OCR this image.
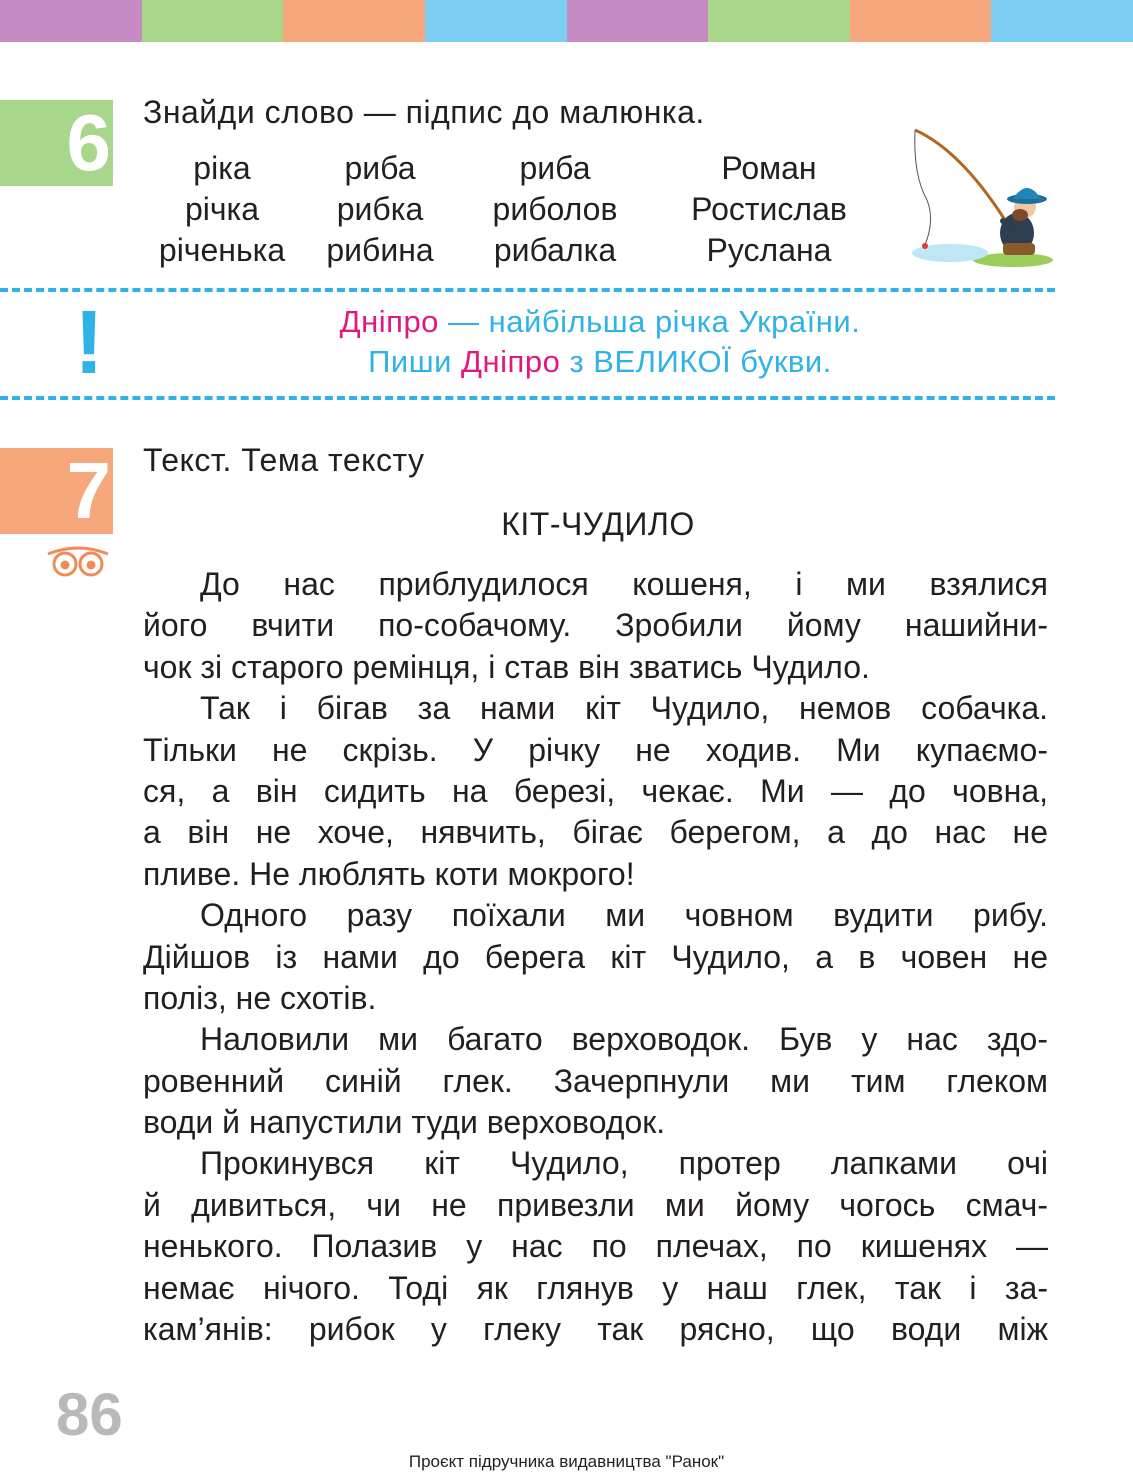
6 Знайди слово — підпис до малюнка.
ріка
річка
річенька
риба
рибка
рибина
риба
риболов
рибалка
Роман
Ростислав
Руслана
!	Дніпро — найбільша річка України.
Пиши Дніпро з ВЕЛИКОЇ букви.
7 Текст. Тема тексту
КІТ-ЧУДИЛО
До нас приблудилося кошеня, і ми взялися
його вчити по-собачому. Зробили йому нашийни-
чок зі старого ремінця, і став він зватись Чудило.
Так і бігав за нами кіт Чудило, немов собачка.
Тільки не скрізь. У річку не ходив. Ми купаємо-
ся, а він сидить на березі, чекає. Ми — до човна,
а він не хоче, нявчить, бігає берегом, а до нас не
пливе. Не люблять коти мокрого!
Одного разу поїхали ми човном вудити рибу.
Дійшов із нами до берега кіт Чудило, а в човен не
поліз, не схотів.
Наловили ми багато верховодок. Був у нас здо-
ровенний синій глек. Зачерпнули ми тим глеком
води й напустили туди верховодок.
Прокинувся кіт Чудило, протер лапками очі
й дивиться, чи не привезли ми йому чогось смач-
ненького. Полазив у нас по плечах, по кишенях —
немає нічого. Тоді як глянув у наш глек, так і за-
кам’янів: рибок у глеку так рясно, що води між
86
Проєкт підручника видавництва "Ранок"
